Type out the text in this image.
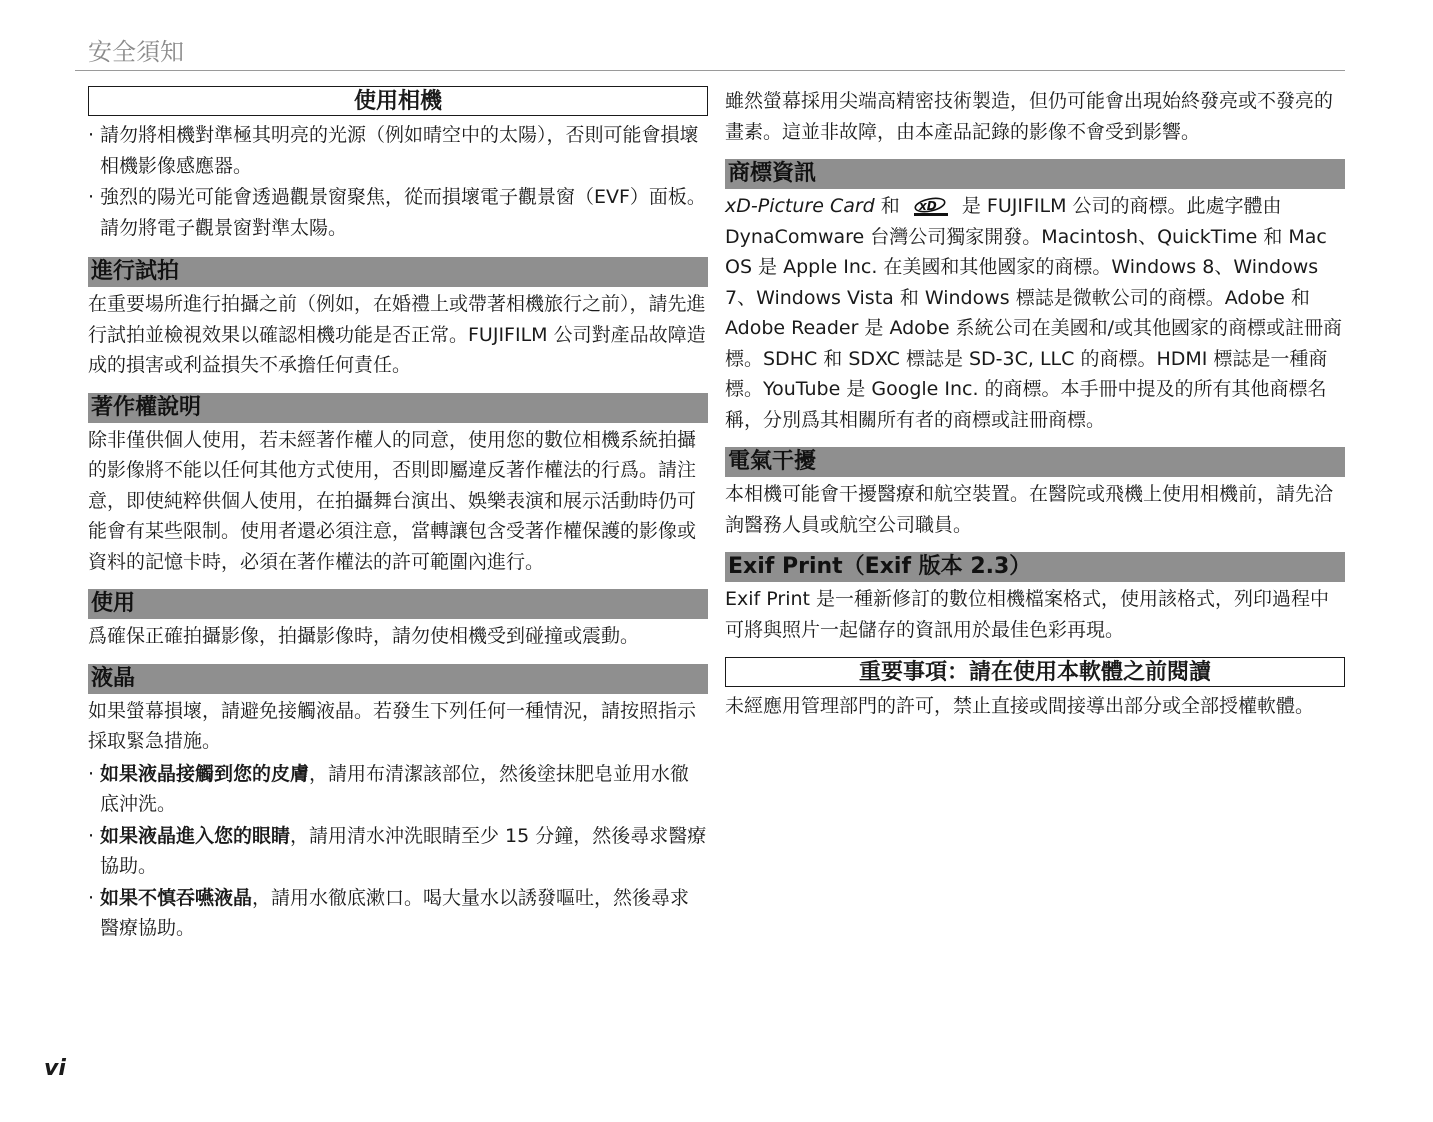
安全須知
使用相機
· 請勿將相機對準極其明亮的光源（例如晴空中的太陽），否則可能會損壞相機影像感應器。
· 強烈的陽光可能會透過觀景窗聚焦，從而損壞電子觀景窗（EVF）面板。請勿將電子觀景窗對準太陽。
進行試拍

在重要場所進行拍攝之前（例如，在婚禮上或帶著相機旅行之前），請先進行試拍並檢視效果以確認相機功能是否正常。FUJIFILM 公司對產品故障造成的損害或利益損失不承擔任何責任。

著作權說明

除非僅供個人使用，若未經著作權人的同意，使用您的數位相機系統拍攝的影像將不能以任何其他方式使用，否則即屬違反著作權法的行爲。請注意，即使純粹供個人使用，在拍攝舞台演出、娛樂表演和展示活動時仍可能會有某些限制。使用者還必須注意，當轉讓包含受著作權保護的影像或資料的記憶卡時，必須在著作權法的許可範圍內進行。

使用

爲確保正確拍攝影像，拍攝影像時，請勿使相機受到碰撞或震動。

液晶

如果螢幕損壞，請避免接觸液晶。若發生下列任何一種情況，請按照指示採取緊急措施。

· 如果液晶接觸到您的皮膚，請用布清潔該部位，然後塗抹肥皂並用水徹底沖洗。
· 如果液晶進入您的眼睛，請用清水沖洗眼睛至少 15 分鐘，然後尋求醫療協助。
· 如果不慎吞嚥液晶，請用水徹底漱口。喝大量水以誘發嘔吐，然後尋求醫療協助。

雖然螢幕採用尖端高精密技術製造，但仍可能會出現始終發亮或不發亮的畫素。這並非故障，由本產品記錄的影像不會受到影響。

商標資訊

xD-Picture Card 和 xD 是 FUJIFILM 公司的商標。此處字體由 DynaComware 台灣公司獨家開發。Macintosh、QuickTime 和 Mac OS 是 Apple Inc. 在美國和其他國家的商標。Windows 8、Windows 7、Windows Vista 和 Windows 標誌是微軟公司的商標。Adobe 和 Adobe Reader 是 Adobe 系統公司在美國和/或其他國家的商標或註冊商標。SDHC 和 SDXC 標誌是 SD-3C, LLC 的商標。HDMI 標誌是一種商標。YouTube 是 Google Inc. 的商標。本手冊中提及的所有其他商標名稱，分別爲其相關所有者的商標或註冊商標。

電氣干擾

本相機可能會干擾醫療和航空裝置。在醫院或飛機上使用相機前，請先洽詢醫務人員或航空公司職員。

Exif Print（Exif 版本 2.3）

Exif Print 是一種新修訂的數位相機檔案格式，使用該格式，列印過程中可將與照片一起儲存的資訊用於最佳色彩再現。

重要事項：請在使用本軟體之前閱讀

未經應用管理部門的許可，禁止直接或間接導出部分或全部授權軟體。

vi
